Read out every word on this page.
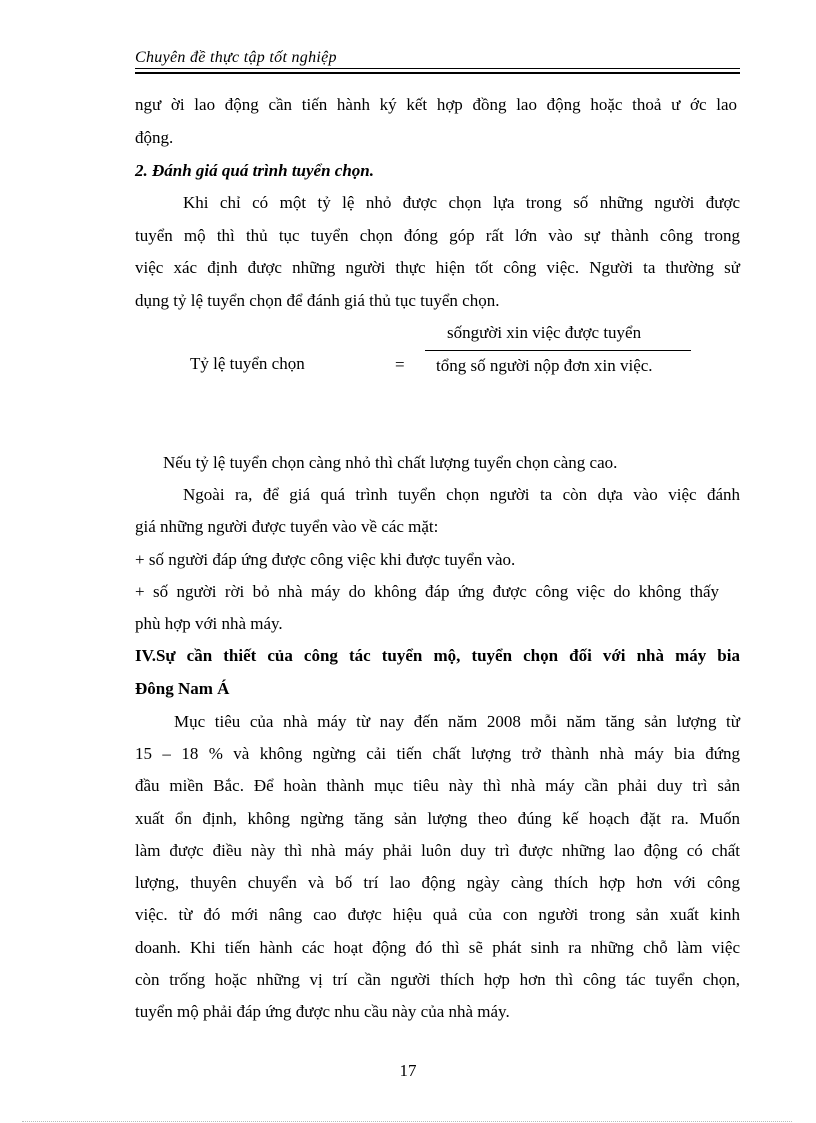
Chuyên đề thực tập tốt nghiệp
ngư ời lao động cần tiến hành ký kết hợp đồng lao động hoặc thoả ư ớc lao
động.
2. Đánh giá quá trình tuyển chọn.
Khi chỉ có một tỷ lệ nhỏ được chọn lựa trong số những người được
tuyển mộ thì thủ tục tuyển chọn đóng góp rất lớn vào sự thành công trong
việc xác định được những người thực hiện tốt công việc. Người ta thường sử
dụng tỷ lệ tuyển chọn để đánh giá thủ tục tuyển chọn.
sốngười xin việc được tuyển
Tỷ lệ tuyển chọn	= tổng số người nộp đơn xin việc.
Nếu tỷ lệ tuyển chọn càng nhỏ thì chất lượng tuyển chọn càng cao.
Ngoài ra, để giá quá trình tuyển chọn người ta còn dựa vào việc đánh
giá những người được tuyển vào về các mặt:
+ số người đáp ứng được công việc khi được tuyển vào.
+ số người rời bỏ nhà máy do không đáp ứng được công việc do không thấy
phù hợp với nhà máy.
IV.Sự cần thiết của công tác tuyển mộ, tuyển chọn đối với nhà máy bia
Đông Nam Á
Mục tiêu của nhà máy từ nay đến năm 2008 mỗi năm tăng sản lượng từ
15 – 18 % và không ngừng cải tiến chất lượng trở thành nhà máy bia đứng
đầu miền Bắc. Để hoàn thành mục tiêu này thì nhà máy cần phải duy trì sản
xuất ổn định, không ngừng tăng sản lượng theo đúng kế hoạch đặt ra. Muốn
làm được điều này thì nhà máy phải luôn duy trì được những lao động có chất
lượng, thuyên chuyển và bố trí lao động ngày càng thích hợp hơn với công
việc. từ đó mới nâng cao được hiệu quả của con người trong sản xuất kinh
doanh. Khi tiến hành các hoạt động đó thì sẽ phát sinh ra những chỗ làm việc
còn trống hoặc những vị trí cần người thích hợp hơn thì công tác tuyển chọn,
tuyển mộ phải đáp ứng được nhu cầu này của nhà máy.
17
